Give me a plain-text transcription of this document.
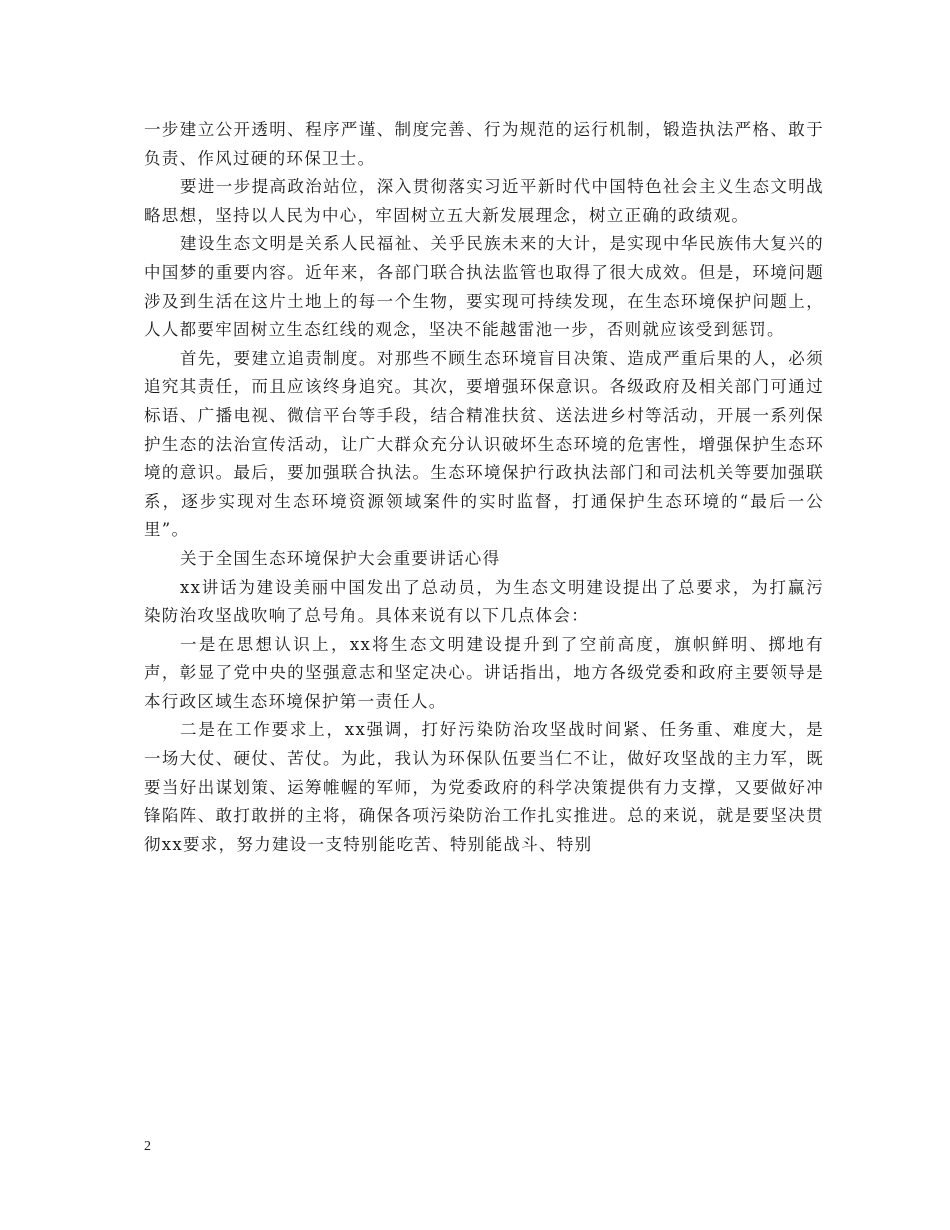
一步建立公开透明、程序严谨、制度完善、行为规范的运行机制，锻造执法严格、敢于负责、作风过硬的环保卫士。

要进一步提高政治站位，深入贯彻落实习近平新时代中国特色社会主义生态文明战略思想，坚持以人民为中心，牢固树立五大新发展理念，树立正确的政绩观。

建设生态文明是关系人民福祉、关乎民族未来的大计，是实现中华民族伟大复兴的中国梦的重要内容。近年来，各部门联合执法监管也取得了很大成效。但是，环境问题涉及到生活在这片土地上的每一个生物，要实现可持续发现，在生态环境保护问题上，人人都要牢固树立生态红线的观念，坚决不能越雷池一步，否则就应该受到惩罚。

首先，要建立追责制度。对那些不顾生态环境盲目决策、造成严重后果的人，必须追究其责任，而且应该终身追究。其次，要增强环保意识。各级政府及相关部门可通过标语、广播电视、微信平台等手段，结合精准扶贫、送法进乡村等活动，开展一系列保护生态的法治宣传活动，让广大群众充分认识破坏生态环境的危害性，增强保护生态环境的意识。最后，要加强联合执法。生态环境保护行政执法部门和司法机关等要加强联系，逐步实现对生态环境资源领域案件的实时监督，打通保护生态环境的“最后一公里”。

关于全国生态环境保护大会重要讲话心得

xx讲话为建设美丽中国发出了总动员，为生态文明建设提出了总要求，为打赢污染防治攻坚战吹响了总号角。具体来说有以下几点体会：

一是在思想认识上，xx将生态文明建设提升到了空前高度，旗帜鲜明、掷地有声，彰显了党中央的坚强意志和坚定决心。讲话指出，地方各级党委和政府主要领导是本行政区域生态环境保护第一责任人。

二是在工作要求上，xx强调，打好污染防治攻坚战时间紧、任务重、难度大，是一场大仗、硬仗、苦仗。为此，我认为环保队伍要当仁不让，做好攻坚战的主力军，既要当好出谋划策、运筹帷幄的军师，为党委政府的科学决策提供有力支撑，又要做好冲锋陷阵、敢打敢拼的主将，确保各项污染防治工作扎实推进。总的来说，就是要坚决贯彻xx要求，努力建设一支特别能吃苦、特别能战斗、特别

2
